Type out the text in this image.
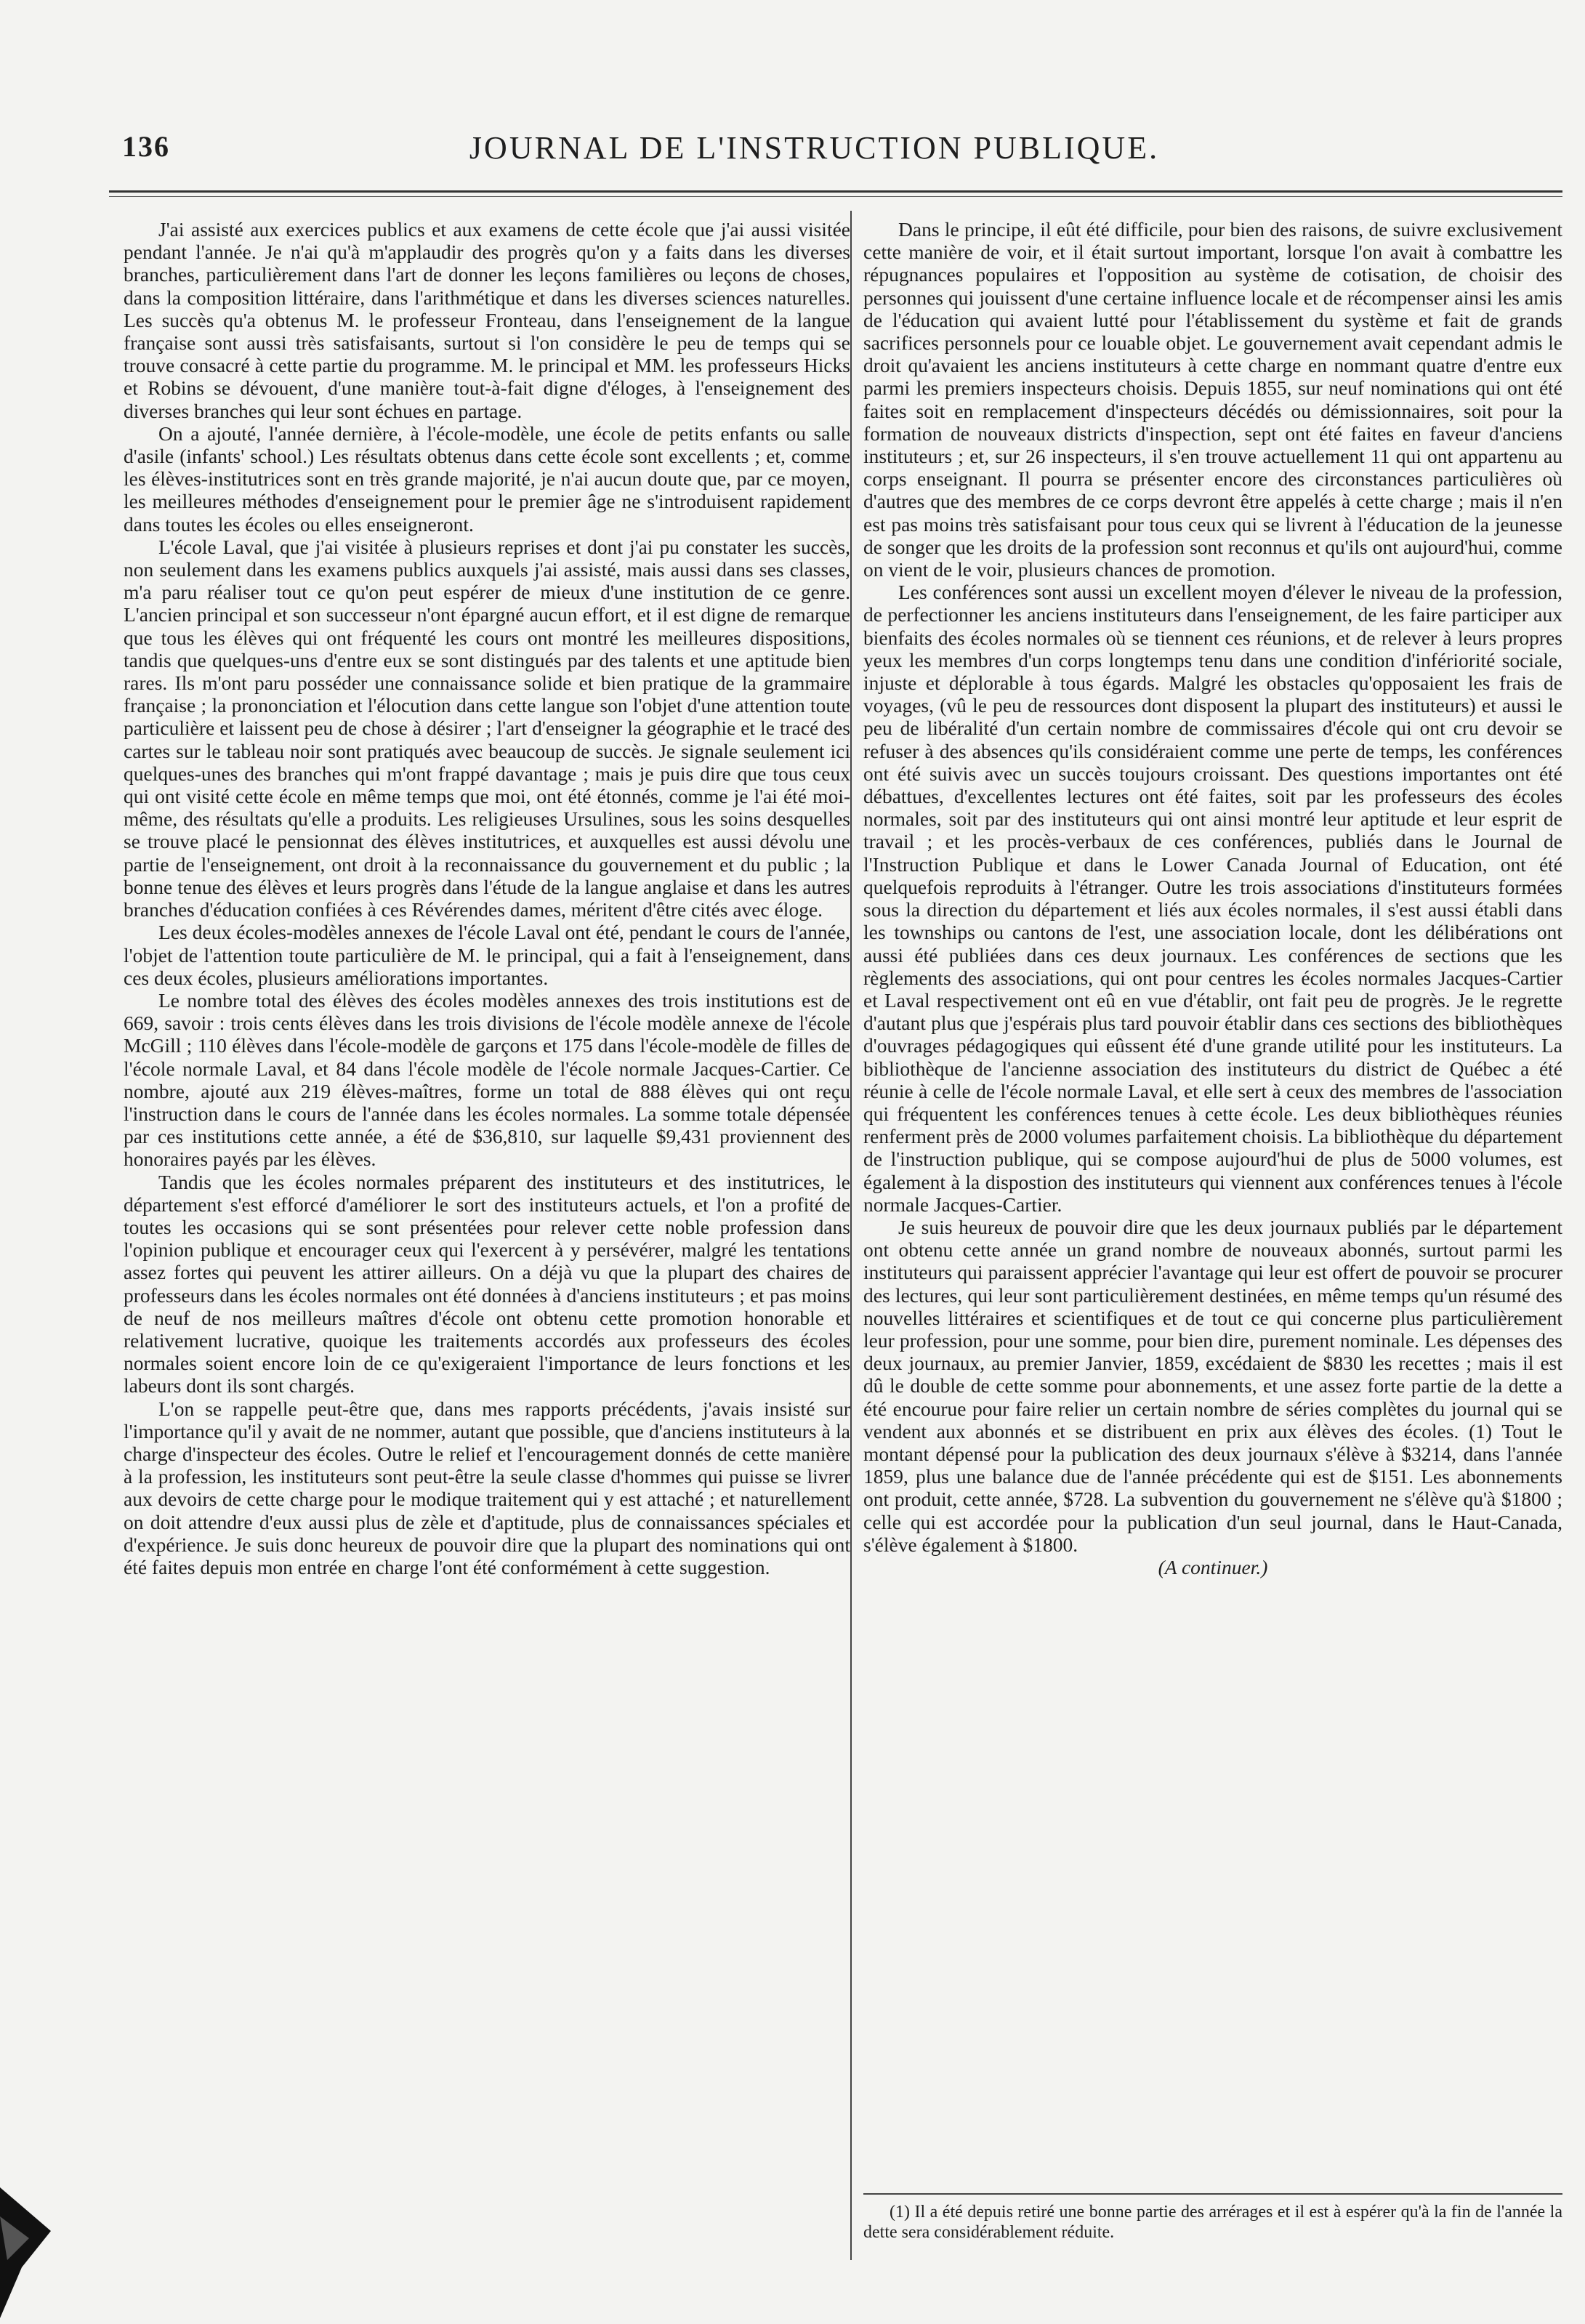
136	JOURNAL DE L'INSTRUCTION PUBLIQUE.

J'ai assisté aux exercices publics et aux examens de cette école que j'ai aussi visitée pendant l'année. Je n'ai qu'à m'applaudir des progrès qu'on y a faits dans les diverses branches, particulièrement dans l'art de donner les leçons familières ou leçons de choses, dans la composition littéraire, dans l'arithmétique et dans les diverses sciences naturelles. Les succès qu'a obtenus M. le professeur Fronteau, dans l'enseignement de la langue française sont aussi très satisfaisants, surtout si l'on considère le peu de temps qui se trouve consacré à cette partie du programme. M. le principal et MM. les professeurs Hicks et Robins se dévouent, d'une manière tout-à-fait digne d'éloges, à l'enseignement des diverses branches qui leur sont échues en partage.

On a ajouté, l'année dernière, à l'école-modèle, une école de petits enfants ou salle d'asile (infants' school.) Les résultats obtenus dans cette école sont excellents ; et, comme les élèves-institutrices sont en très grande majorité, je n'ai aucun doute que, par ce moyen, les meilleures méthodes d'enseignement pour le premier âge ne s'introduisent rapidement dans toutes les écoles ou elles enseigneront.

L'école Laval, que j'ai visitée à plusieurs reprises et dont j'ai pu constater les succès, non seulement dans les examens publics auxquels j'ai assisté, mais aussi dans ses classes, m'a paru réaliser tout ce qu'on peut espérer de mieux d'une institution de ce genre. L'ancien principal et son successeur n'ont épargné aucun effort, et il est digne de remarque que tous les élèves qui ont fréquenté les cours ont montré les meilleures dispositions, tandis que quelques-uns d'entre eux se sont distingués par des talents et une aptitude bien rares. Ils m'ont paru posséder une connaissance solide et bien pratique de la grammaire française ; la prononciation et l'élocution dans cette langue son l'objet d'une attention toute particulière et laissent peu de chose à désirer ; l'art d'enseigner la géographie et le tracé des cartes sur le tableau noir sont pratiqués avec beaucoup de succès. Je signale seulement ici quelques-unes des branches qui m'ont frappé davantage ; mais je puis dire que tous ceux qui ont visité cette école en même temps que moi, ont été étonnés, comme je l'ai été moi-même, des résultats qu'elle a produits. Les religieuses Ursulines, sous les soins desquelles se trouve placé le pensionnat des élèves institutrices, et auxquelles est aussi dévolu une partie de l'enseignement, ont droit à la reconnaissance du gouvernement et du public ; la bonne tenue des élèves et leurs progrès dans l'étude de la langue anglaise et dans les autres branches d'éducation confiées à ces Révérendes dames, méritent d'être cités avec éloge.

Les deux écoles-modèles annexes de l'école Laval ont été, pendant le cours de l'année, l'objet de l'attention toute particulière de M. le principal, qui a fait à l'enseignement, dans ces deux écoles, plusieurs améliorations importantes.

Le nombre total des élèves des écoles modèles annexes des trois institutions est de 669, savoir : trois cents élèves dans les trois divisions de l'école modèle annexe de l'école McGill ; 110 élèves dans l'école-modèle de garçons et 175 dans l'école-modèle de filles de l'école normale Laval, et 84 dans l'école modèle de l'école normale Jacques-Cartier. Ce nombre, ajouté aux 219 élèves-maîtres, forme un total de 888 élèves qui ont reçu l'instruction dans le cours de l'année dans les écoles normales. La somme totale dépensée par ces institutions cette année, a été de $36,810, sur laquelle $9,431 proviennent des honoraires payés par les élèves.

Tandis que les écoles normales préparent des instituteurs et des institutrices, le département s'est efforcé d'améliorer le sort des instituteurs actuels, et l'on a profité de toutes les occasions qui se sont présentées pour relever cette noble profession dans l'opinion publique et encourager ceux qui l'exercent à y persévérer, malgré les tentations assez fortes qui peuvent les attirer ailleurs. On a déjà vu que la plupart des chaires de professeurs dans les écoles normales ont été données à d'anciens instituteurs ; et pas moins de neuf de nos meilleurs maîtres d'école ont obtenu cette promotion honorable et relativement lucrative, quoique les traitements accordés aux professeurs des écoles normales soient encore loin de ce qu'exigeraient l'importance de leurs fonctions et les labeurs dont ils sont chargés.

L'on se rappelle peut-être que, dans mes rapports précédents, j'avais insisté sur l'importance qu'il y avait de ne nommer, autant que possible, que d'anciens instituteurs à la charge d'inspecteur des écoles. Outre le relief et l'encouragement donnés de cette manière à la profession, les instituteurs sont peut-être la seule classe d'hommes qui puisse se livrer aux devoirs de cette charge pour le modique traitement qui y est attaché ; et naturellement on doit attendre d'eux aussi plus de zèle et d'aptitude, plus de connaissances spéciales et d'expérience. Je suis donc heureux de pouvoir dire que la plupart des nominations qui ont été faites depuis mon entrée en charge l'ont été conformément à cette suggestion.

Dans le principe, il eût été difficile, pour bien des raisons, de suivre exclusivement cette manière de voir, et il était surtout important, lorsque l'on avait à combattre les répugnances populaires et l'opposition au système de cotisation, de choisir des personnes qui jouissent d'une certaine influence locale et de récompenser ainsi les amis de l'éducation qui avaient lutté pour l'établissement du système et fait de grands sacrifices personnels pour ce louable objet. Le gouvernement avait cependant admis le droit qu'avaient les anciens instituteurs à cette charge en nommant quatre d'entre eux parmi les premiers inspecteurs choisis. Depuis 1855, sur neuf nominations qui ont été faites soit en remplacement d'inspecteurs décédés ou démissionnaires, soit pour la formation de nouveaux districts d'inspection, sept ont été faites en faveur d'anciens instituteurs ; et, sur 26 inspecteurs, il s'en trouve actuellement 11 qui ont appartenu au corps enseignant. Il pourra se présenter encore des circonstances particulières où d'autres que des membres de ce corps devront être appelés à cette charge ; mais il n'en est pas moins très satisfaisant pour tous ceux qui se livrent à l'éducation de la jeunesse de songer que les droits de la profession sont reconnus et qu'ils ont aujourd'hui, comme on vient de le voir, plusieurs chances de promotion.

Les conférences sont aussi un excellent moyen d'élever le niveau de la profession, de perfectionner les anciens instituteurs dans l'enseignement, de les faire participer aux bienfaits des écoles normales où se tiennent ces réunions, et de relever à leurs propres yeux les membres d'un corps longtemps tenu dans une condition d'infériorité sociale, injuste et déplorable à tous égards. Malgré les obstacles qu'opposaient les frais de voyages, (vû le peu de ressources dont disposent la plupart des instituteurs) et aussi le peu de libéralité d'un certain nombre de commissaires d'école qui ont cru devoir se refuser à des absences qu'ils considéraient comme une perte de temps, les conférences ont été suivis avec un succès toujours croissant. Des questions importantes ont été débattues, d'excellentes lectures ont été faites, soit par les professeurs des écoles normales, soit par des instituteurs qui ont ainsi montré leur aptitude et leur esprit de travail ; et les procès-verbaux de ces conférences, publiés dans le Journal de l'Instruction Publique et dans le Lower Canada Journal of Education, ont été quelquefois reproduits à l'étranger. Outre les trois associations d'instituteurs formées sous la direction du département et liés aux écoles normales, il s'est aussi établi dans les townships ou cantons de l'est, une association locale, dont les délibérations ont aussi été publiées dans ces deux journaux. Les conférences de sections que les règlements des associations, qui ont pour centres les écoles normales Jacques-Cartier et Laval respectivement ont eû en vue d'établir, ont fait peu de progrès. Je le regrette d'autant plus que j'espérais plus tard pouvoir établir dans ces sections des bibliothèques d'ouvrages pédagogiques qui eûssent été d'une grande utilité pour les instituteurs. La bibliothèque de l'ancienne association des instituteurs du district de Québec a été réunie à celle de l'école normale Laval, et elle sert à ceux des membres de l'association qui fréquentent les conférences tenues à cette école. Les deux bibliothèques réunies renferment près de 2000 volumes parfaitement choisis. La bibliothèque du département de l'instruction publique, qui se compose aujourd'hui de plus de 5000 volumes, est également à la dispostion des instituteurs qui viennent aux conférences tenues à l'école normale Jacques-Cartier.

Je suis heureux de pouvoir dire que les deux journaux publiés par le département ont obtenu cette année un grand nombre de nouveaux abonnés, surtout parmi les instituteurs qui paraissent apprécier l'avantage qui leur est offert de pouvoir se procurer des lectures, qui leur sont particulièrement destinées, en même temps qu'un résumé des nouvelles littéraires et scientifiques et de tout ce qui concerne plus particulièrement leur profession, pour une somme, pour bien dire, purement nominale. Les dépenses des deux journaux, au premier Janvier, 1859, excédaient de $830 les recettes ; mais il est dû le double de cette somme pour abonnements, et une assez forte partie de la dette a été encourue pour faire relier un certain nombre de séries complètes du journal qui se vendent aux abonnés et se distribuent en prix aux élèves des écoles. (1) Tout le montant dépensé pour la publication des deux journaux s'élève à $3214, dans l'année 1859, plus une balance due de l'année précédente qui est de $151. Les abonnements ont produit, cette année, $728. La subvention du gouvernement ne s'élève qu'à $1800 ; celle qui est accordée pour la publication d'un seul journal, dans le Haut-Canada, s'élève également à $1800.

(A continuer.)

(1) Il a été depuis retiré une bonne partie des arrérages et il est à espérer qu'à la fin de l'année la dette sera considérablement réduite.
